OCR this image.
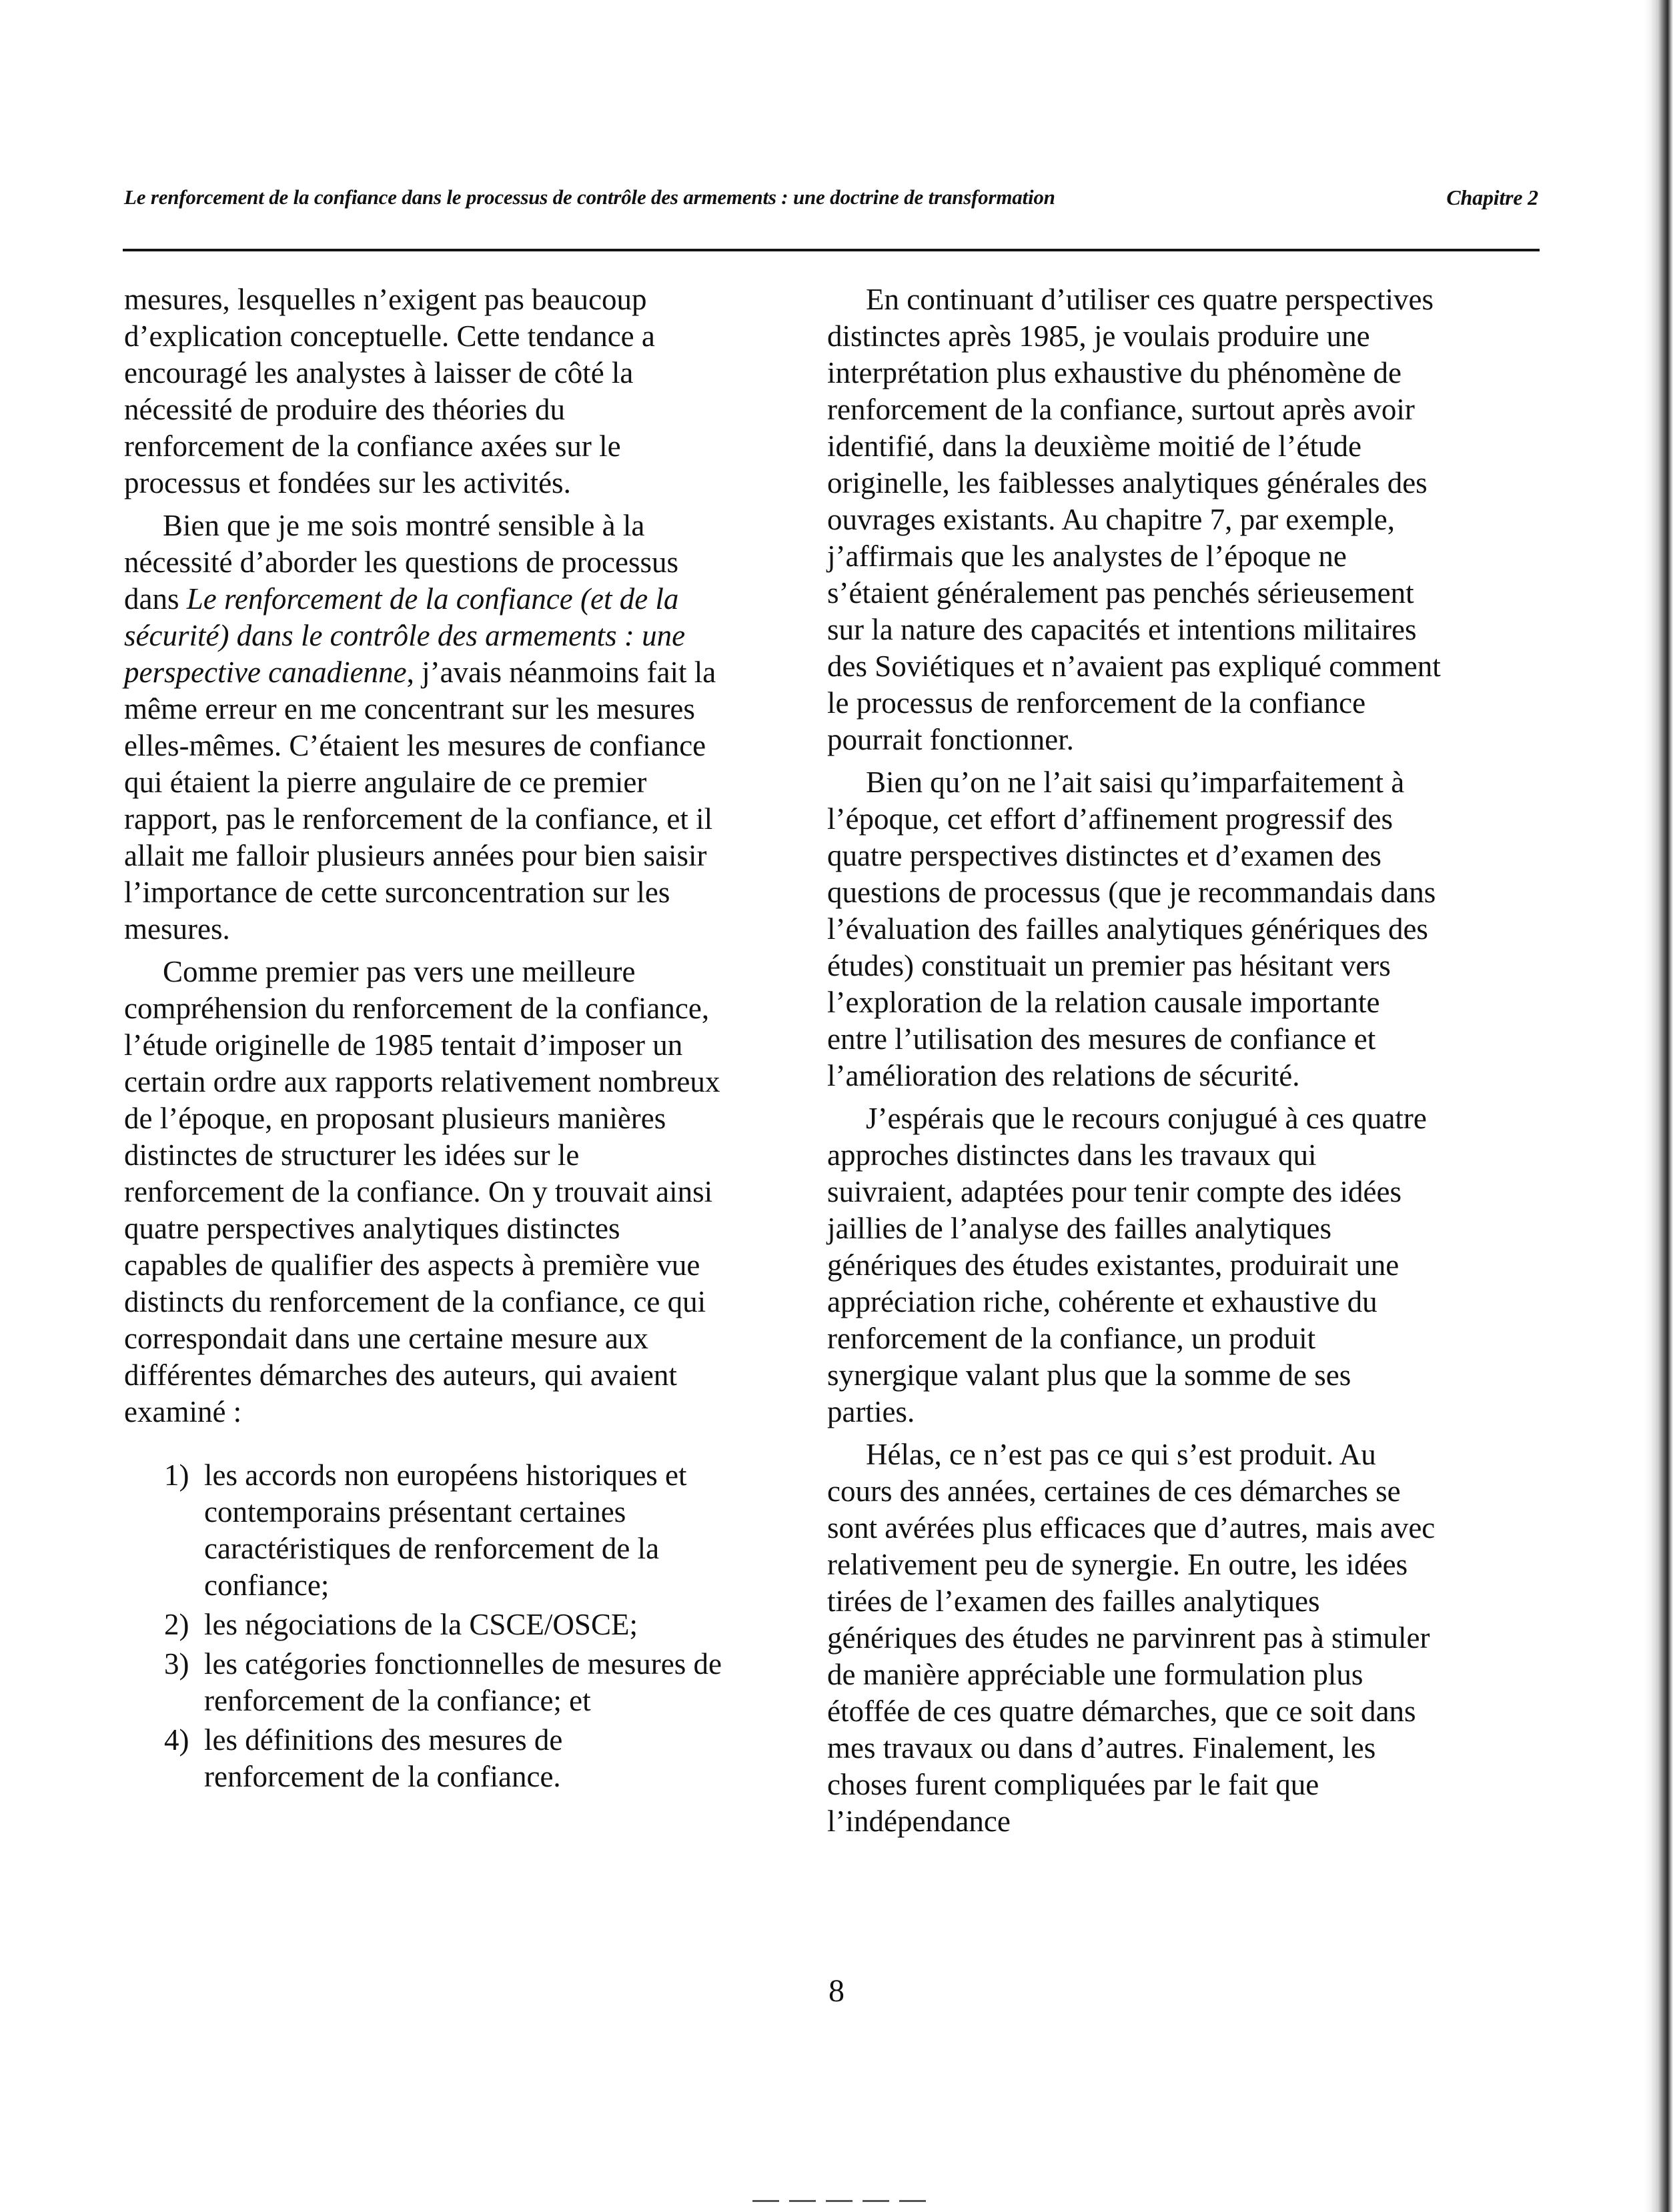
Le renforcement de la confiance dans le processus de contrôle des armements : une doctrine de transformation	Chapitre 2

mesures, lesquelles n’exigent pas beaucoup d’explication conceptuelle. Cette tendance a encouragé les analystes à laisser de côté la nécessité de produire des théories du renforcement de la confiance axées sur le processus et fondées sur les activités.

Bien que je me sois montré sensible à la nécessité d’aborder les questions de processus dans Le renforcement de la confiance (et de la sécurité) dans le contrôle des armements : une perspective canadienne, j’avais néanmoins fait la même erreur en me concentrant sur les mesures elles-mêmes. C’étaient les mesures de confiance qui étaient la pierre angulaire de ce premier rapport, pas le renforcement de la confiance, et il allait me falloir plusieurs années pour bien saisir l’importance de cette surconcentration sur les mesures.

Comme premier pas vers une meilleure compréhension du renforcement de la confiance, l’étude originelle de 1985 tentait d’imposer un certain ordre aux rapports relativement nombreux de l’époque, en proposant plusieurs manières distinctes de structurer les idées sur le renforcement de la confiance. On y trouvait ainsi quatre perspectives analytiques distinctes capables de qualifier des aspects à première vue distincts du renforcement de la confiance, ce qui correspondait dans une certaine mesure aux différentes démarches des auteurs, qui avaient examiné :

1) les accords non européens historiques et contemporains présentant certaines caractéristiques de renforcement de la confiance;
2) les négociations de la CSCE/OSCE;
3) les catégories fonctionnelles de mesures de renforcement de la confiance; et
4) les définitions des mesures de renforcement de la confiance.

En continuant d’utiliser ces quatre perspectives distinctes après 1985, je voulais produire une interprétation plus exhaustive du phénomène de renforcement de la confiance, surtout après avoir identifié, dans la deuxième moitié de l’étude originelle, les faiblesses analytiques générales des ouvrages existants. Au chapitre 7, par exemple, j’affirmais que les analystes de l’époque ne s’étaient généralement pas penchés sérieusement sur la nature des capacités et intentions militaires des Soviétiques et n’avaient pas expliqué comment le processus de renforcement de la confiance pourrait fonctionner.

Bien qu’on ne l’ait saisi qu’imparfaitement à l’époque, cet effort d’affinement progressif des quatre perspectives distinctes et d’examen des questions de processus (que je recommandais dans l’évaluation des failles analytiques génériques des études) constituait un premier pas hésitant vers l’exploration de la relation causale importante entre l’utilisation des mesures de confiance et l’amélioration des relations de sécurité.

J’espérais que le recours conjugué à ces quatre approches distinctes dans les travaux qui suivraient, adaptées pour tenir compte des idées jaillies de l’analyse des failles analytiques génériques des études existantes, produirait une appréciation riche, cohérente et exhaustive du renforcement de la confiance, un produit synergique valant plus que la somme de ses parties.

Hélas, ce n’est pas ce qui s’est produit. Au cours des années, certaines de ces démarches se sont avérées plus efficaces que d’autres, mais avec relativement peu de synergie. En outre, les idées tirées de l’examen des failles analytiques génériques des études ne parvinrent pas à stimuler de manière appréciable une formulation plus étoffée de ces quatre démarches, que ce soit dans mes travaux ou dans d’autres. Finalement, les choses furent compliquées par le fait que l’indépendance

8
